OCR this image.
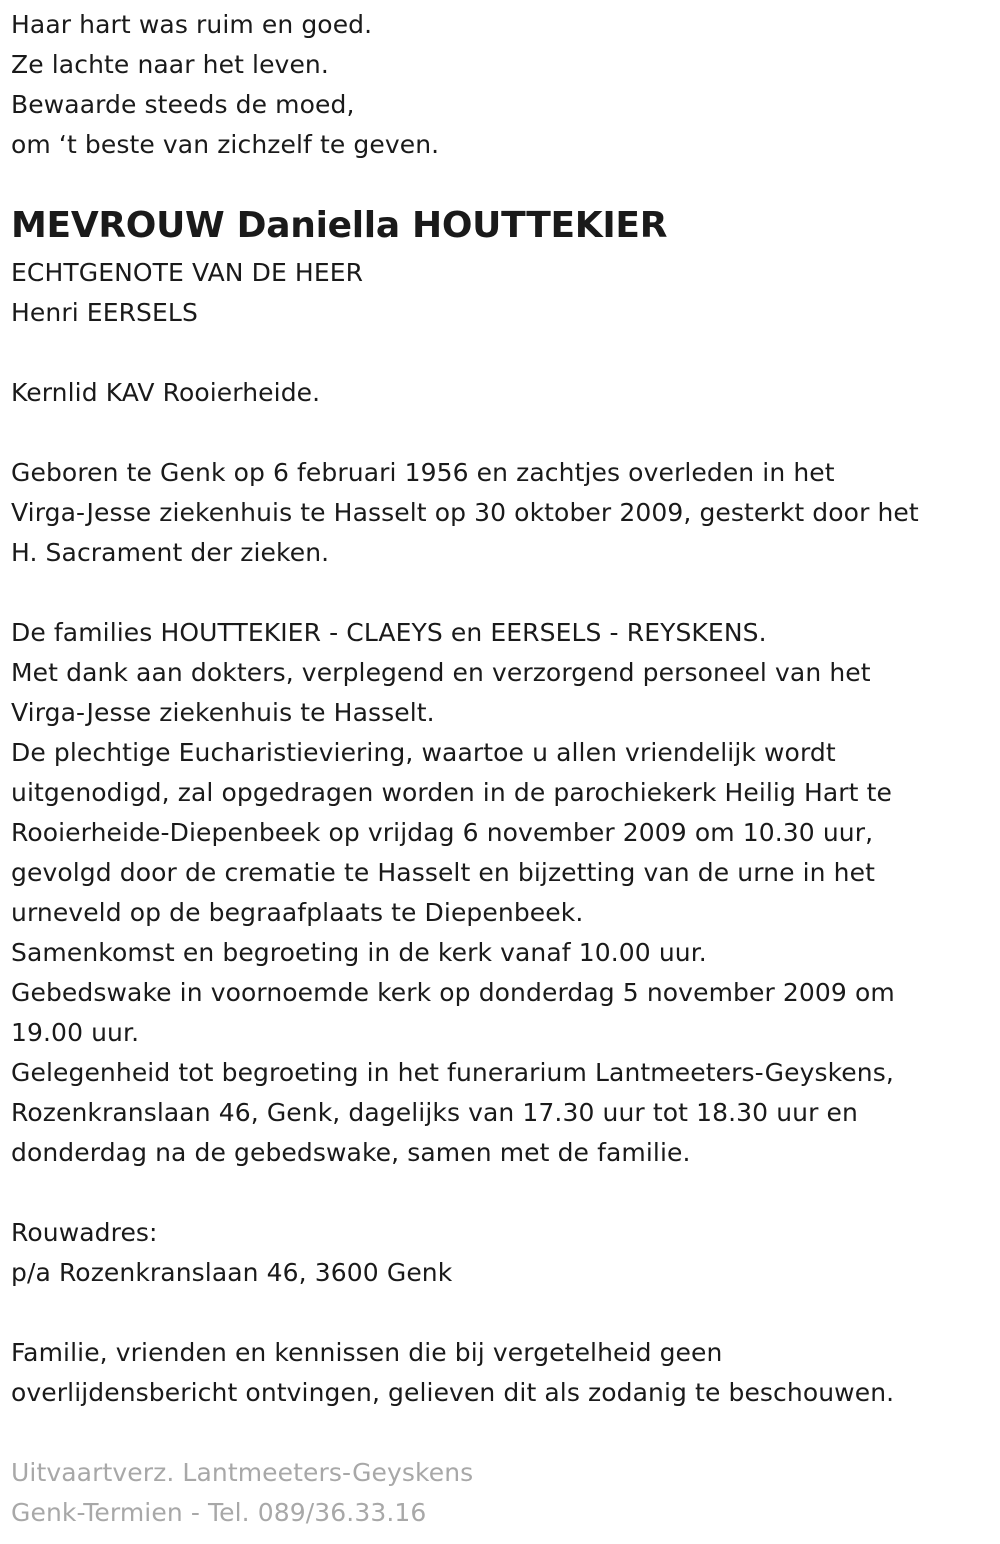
Haar hart was ruim en goed.
Ze lachte naar het leven.
Bewaarde steeds de moed,
om ‘t beste van zichzelf te geven.
MEVROUW Daniella HOUTTEKIER
ECHTGENOTE VAN DE HEER
Henri EERSELS
Kernlid KAV Rooierheide.
Geboren te Genk op 6 februari 1956 en zachtjes overleden in het
Virga-Jesse ziekenhuis te Hasselt op 30 oktober 2009, gesterkt door het
H. Sacrament der zieken.
De families HOUTTEKIER - CLAEYS en EERSELS - REYSKENS.
Met dank aan dokters, verplegend en verzorgend personeel van het
Virga-Jesse ziekenhuis te Hasselt.
De plechtige Eucharistieviering, waartoe u allen vriendelijk wordt
uitgenodigd, zal opgedragen worden in de parochiekerk Heilig Hart te
Rooierheide-Diepenbeek op vrijdag 6 november 2009 om 10.30 uur,
gevolgd door de crematie te Hasselt en bijzetting van de urne in het
urneveld op de begraafplaats te Diepenbeek.
Samenkomst en begroeting in de kerk vanaf 10.00 uur.
Gebedswake in voornoemde kerk op donderdag 5 november 2009 om
19.00 uur.
Gelegenheid tot begroeting in het funerarium Lantmeeters-Geyskens,
Rozenkranslaan 46, Genk, dagelijks van 17.30 uur tot 18.30 uur en
donderdag na de gebedswake, samen met de familie.
Rouwadres:
p/a Rozenkranslaan 46, 3600 Genk
Familie, vrienden en kennissen die bij vergetelheid geen
overlijdensbericht ontvingen, gelieven dit als zodanig te beschouwen.
Uitvaartverz. Lantmeeters-Geyskens
Genk-Termien - Tel. 089/36.33.16
